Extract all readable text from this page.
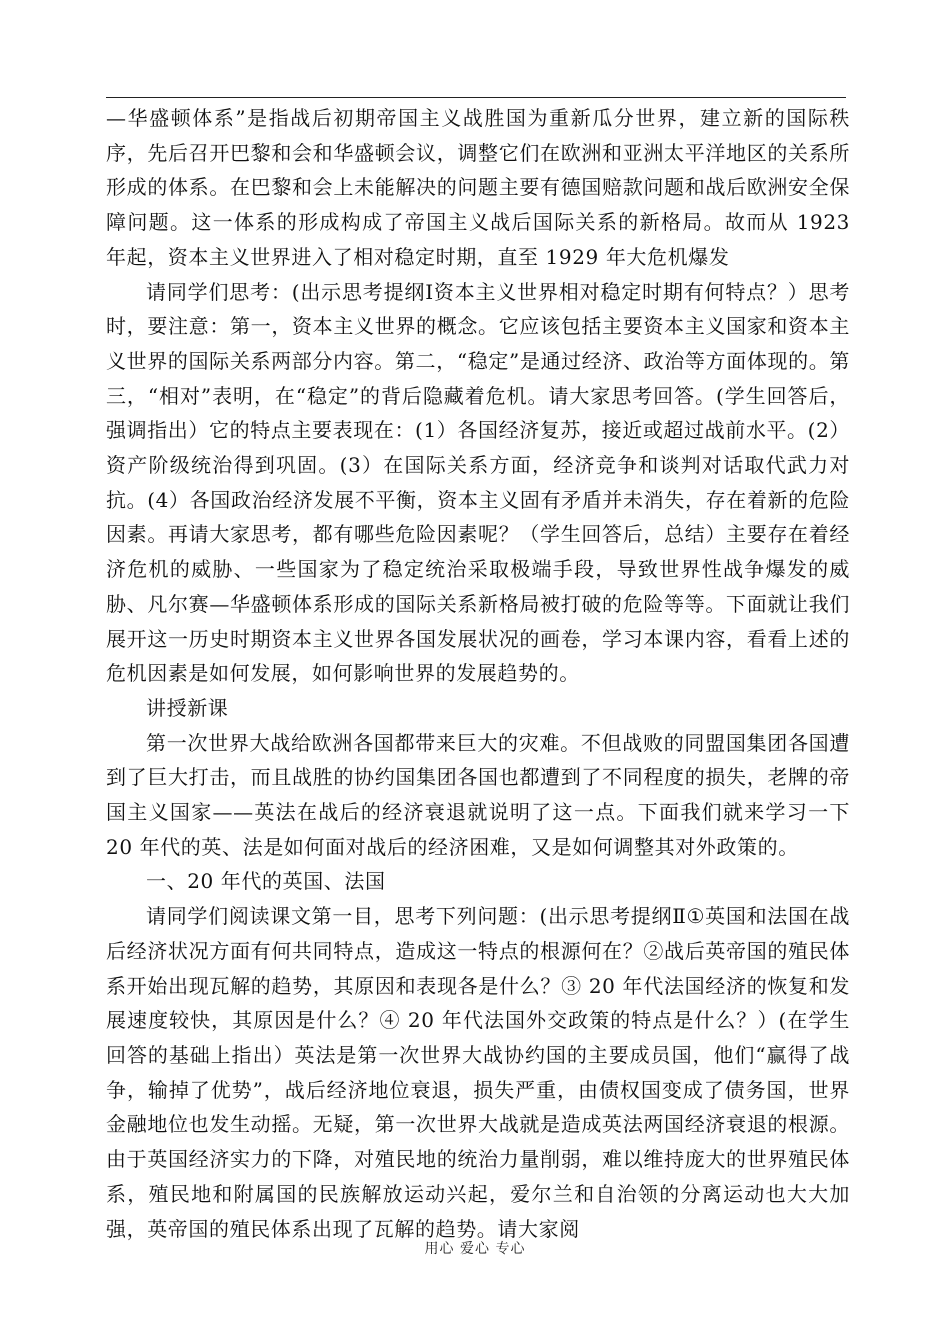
—华盛顿体系”是指战后初期帝国主义战胜国为重新瓜分世界，建立新的国际秩序，先后召开巴黎和会和华盛顿会议，调整它们在欧洲和亚洲太平洋地区的关系所形成的体系。在巴黎和会上未能解决的问题主要有德国赔款问题和战后欧洲安全保障问题。这一体系的形成构成了帝国主义战后国际关系的新格局。故而从 1923 年起，资本主义世界进入了相对稳定时期，直至 1929 年大危机爆发

请同学们思考：(出示思考提纲Ⅰ资本主义世界相对稳定时期有何特点？）思考时，要注意：第一，资本主义世界的概念。它应该包括主要资本主义国家和资本主义世界的国际关系两部分内容。第二，“稳定”是通过经济、政治等方面体现的。第三，“相对”表明，在“稳定”的背后隐藏着危机。请大家思考回答。(学生回答后，强调指出）它的特点主要表现在：(1）各国经济复苏，接近或超过战前水平。(2）资产阶级统治得到巩固。(3）在国际关系方面，经济竞争和谈判对话取代武力对抗。(4）各国政治经济发展不平衡，资本主义固有矛盾并未消失，存在着新的危险因素。再请大家思考，都有哪些危险因素呢？（学生回答后，总结）主要存在着经济危机的威胁、一些国家为了稳定统治采取极端手段，导致世界性战争爆发的威胁、凡尔赛—华盛顿体系形成的国际关系新格局被打破的危险等等。下面就让我们展开这一历史时期资本主义世界各国发展状况的画卷，学习本课内容，看看上述的危机因素是如何发展，如何影响世界的发展趋势的。

讲授新课

第一次世界大战给欧洲各国都带来巨大的灾难。不但战败的同盟国集团各国遭到了巨大打击，而且战胜的协约国集团各国也都遭到了不同程度的损失，老牌的帝国主义国家——英法在战后的经济衰退就说明了这一点。下面我们就来学习一下 20 年代的英、法是如何面对战后的经济困难，又是如何调整其对外政策的。

一、20 年代的英国、法国

请同学们阅读课文第一目，思考下列问题：(出示思考提纲Ⅱ①英国和法国在战后经济状况方面有何共同特点，造成这一特点的根源何在？②战后英帝国的殖民体系开始出现瓦解的趋势，其原因和表现各是什么？③ 20 年代法国经济的恢复和发展速度较快，其原因是什么？④ 20 年代法国外交政策的特点是什么？）(在学生回答的基础上指出）英法是第一次世界大战协约国的主要成员国，他们“赢得了战争，输掉了优势”，战后经济地位衰退，损失严重，由债权国变成了债务国，世界金融地位也发生动摇。无疑，第一次世界大战就是造成英法两国经济衰退的根源。由于英国经济实力的下降，对殖民地的统治力量削弱，难以维持庞大的世界殖民体系，殖民地和附属国的民族解放运动兴起，爱尔兰和自治领的分离运动也大大加强，英帝国的殖民体系出现了瓦解的趋势。请大家阅

用心 爱心 专心
